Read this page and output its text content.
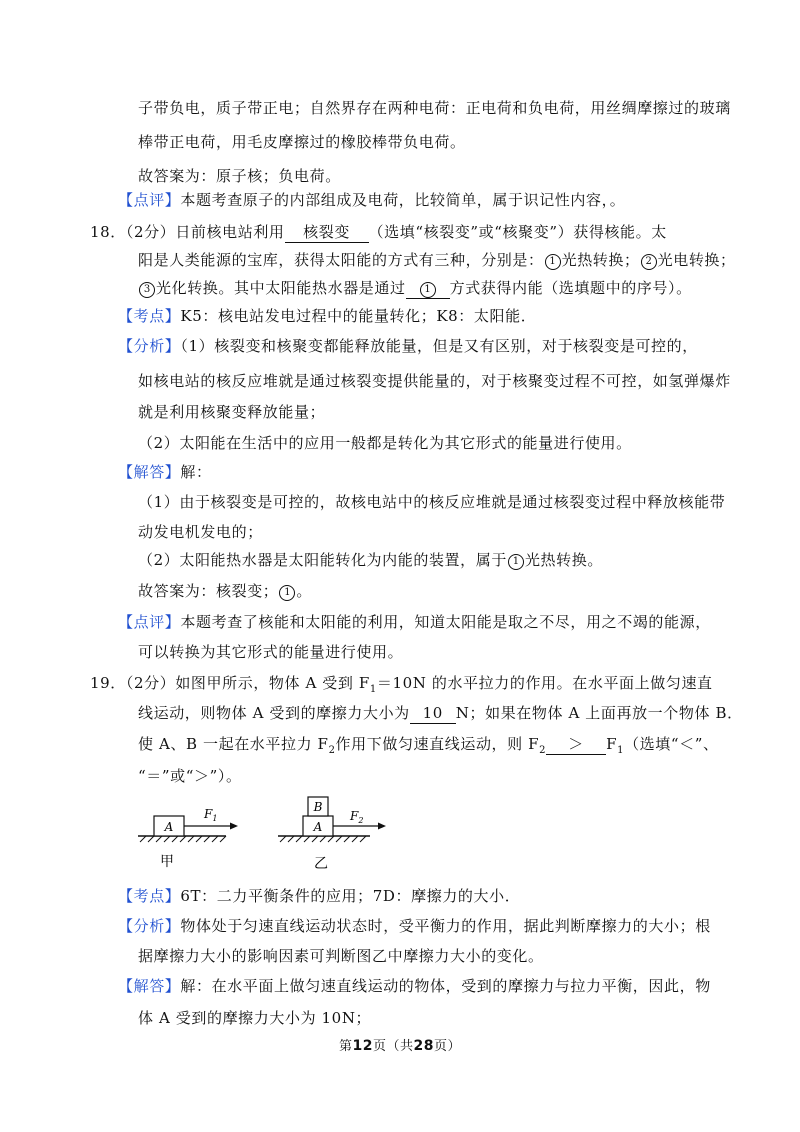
子带负电，质子带正电；自然界存在两种电荷：正电荷和负电荷，用丝绸摩擦过的玻璃
棒带正电荷，用毛皮摩擦过的橡胶棒带负电荷。
故答案为：原子核；负电荷。
【点评】本题考查原子的内部组成及电荷，比较简单，属于识记性内容，。
18．（2分）日前核电站利用 核裂变 （选填“核裂变”或“核聚变”）获得核能。太
阳是人类能源的宝库，获得太阳能的方式有三种，分别是： 1 光热转换； 2 光电转换；
3 光化转换。其中太阳能热水器是通过 1 方式获得内能（选填题中的序号）。
【考点】K5：核电站发电过程中的能量转化；K8：太阳能．
【分析】（1）核裂变和核聚变都能释放能量，但是又有区别，对于核裂变是可控的，
如核电站的核反应堆就是通过核裂变提供能量的，对于核聚变过程不可控，如氢弹爆炸
就是利用核聚变释放能量；
（2）太阳能在生活中的应用一般都是转化为其它形式的能量进行使用。
【解答】解：
（1）由于核裂变是可控的，故核电站中的核反应堆就是通过核裂变过程中释放核能带
动发电机发电的；
（2）太阳能热水器是太阳能转化为内能的装置，属于 1 光热转换。
故答案为：核裂变； 1 。
【点评】本题考查了核能和太阳能的利用，知道太阳能是取之不尽，用之不竭的能源，
可以转换为其它形式的能量进行使用。
19．（2分）如图甲所示，物体 A 受到 $F_1=10N$ 的水平拉力的作用。在水平面上做匀速直
线运动，则物体 A 受到的摩擦力大小为 10 N；如果在物体 A 上面再放一个物体 B．
使 A、B 一起在水平拉力 $F_2$作用下做匀速直线运动，则 $F_2 > F_1$（选填“＜”、
“＝”或“＞”）。
A
$F_1$
甲
A
B
$F_2$
乙
【考点】6T：二力平衡条件的应用；7D：摩擦力的大小．
【分析】物体处于匀速直线运动状态时，受平衡力的作用，据此判断摩擦力的大小；根
据摩擦力大小的影响因素可判断图乙中摩擦力大小的变化。
【解答】解：在水平面上做匀速直线运动的物体，受到的摩擦力与拉力平衡，因此，物
体 A 受到的摩擦力大小为 10N；
第12页（共28页）
